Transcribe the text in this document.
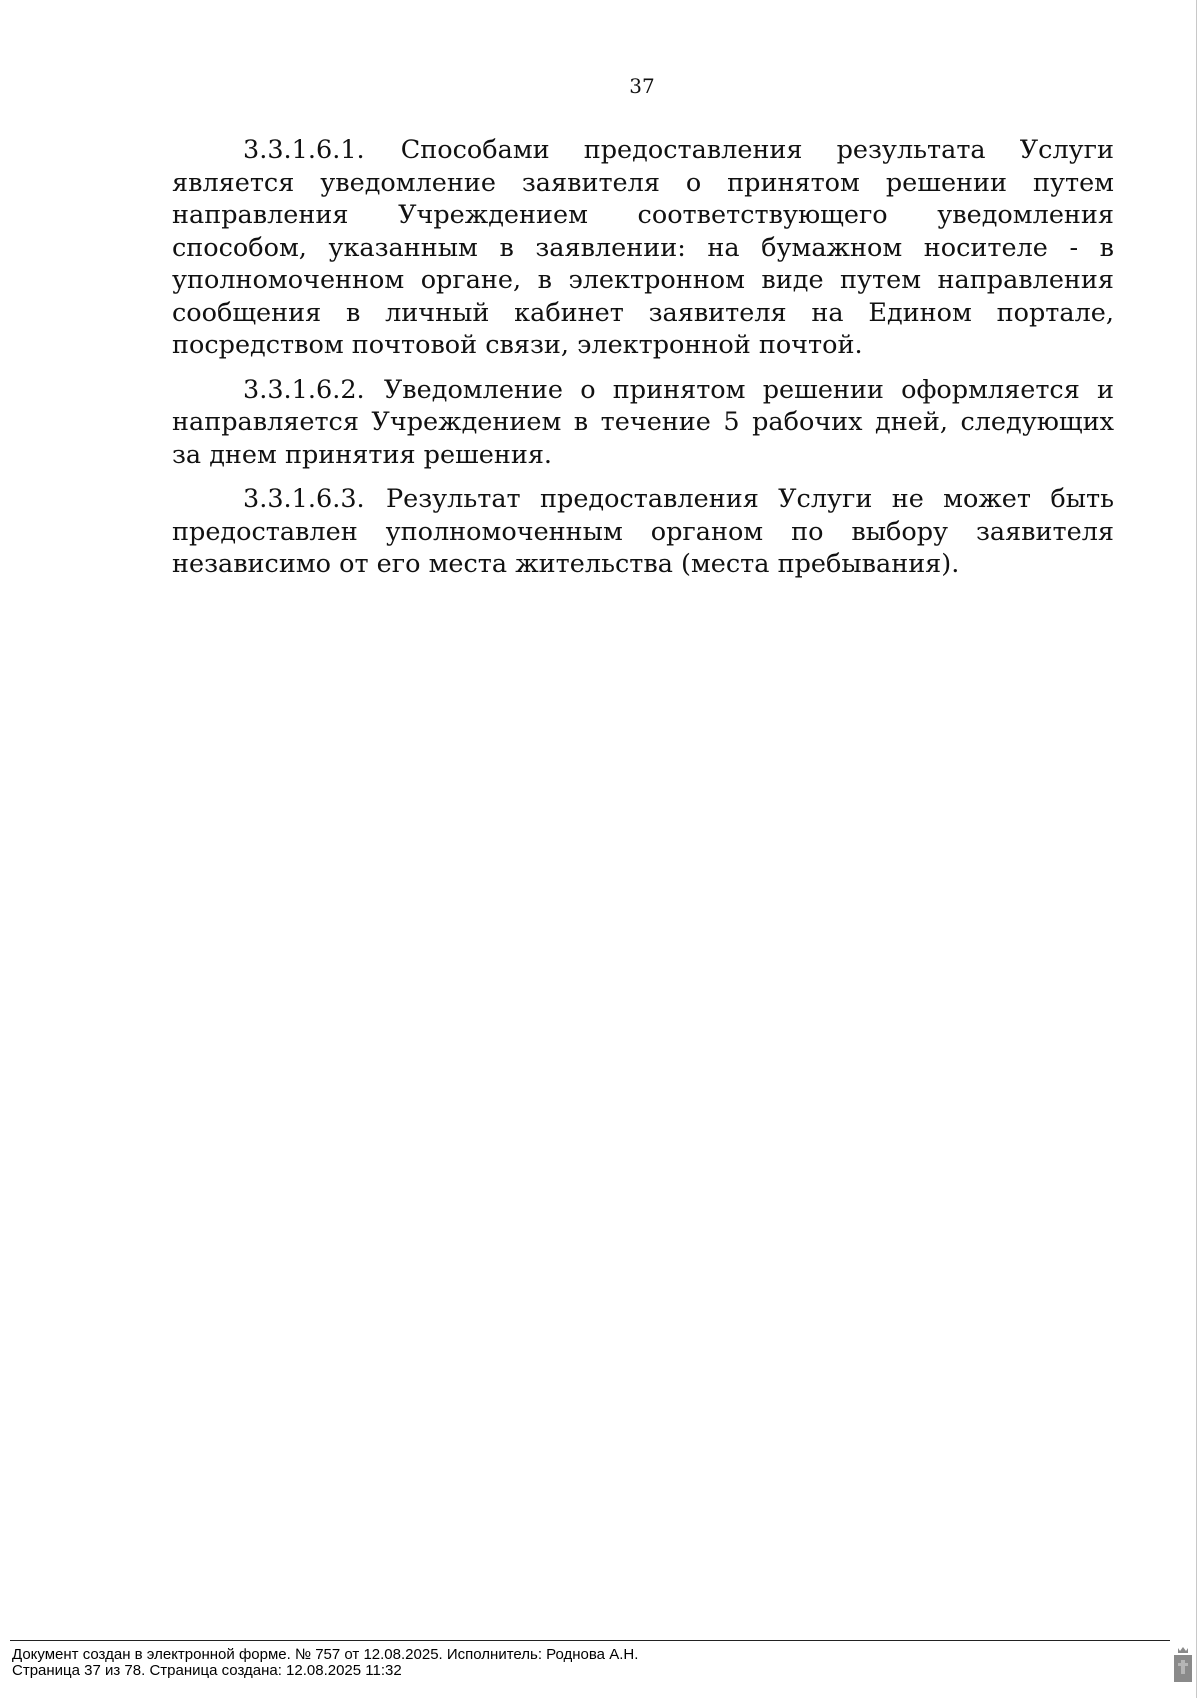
37

3.3.1.6.1. Способами предоставления результата Услуги является уведомление заявителя о принятом решении путем направления Учреждением соответствующего уведомления способом, указанным в заявлении: на бумажном носителе - в уполномоченном органе, в электронном виде путем направления сообщения в личный кабинет заявителя на Едином портале, посредством почтовой связи, электронной почтой.

3.3.1.6.2. Уведомление о принятом решении оформляется и направляется Учреждением в течение 5 рабочих дней, следующих за днем принятия решения.

3.3.1.6.3. Результат предоставления Услуги не может быть предоставлен уполномоченным органом по выбору заявителя независимо от его места жительства (места пребывания).

Документ создан в электронной форме. № 757 от 12.08.2025. Исполнитель: Роднова А.Н.
Страница 37 из 78. Страница создана: 12.08.2025 11:32
